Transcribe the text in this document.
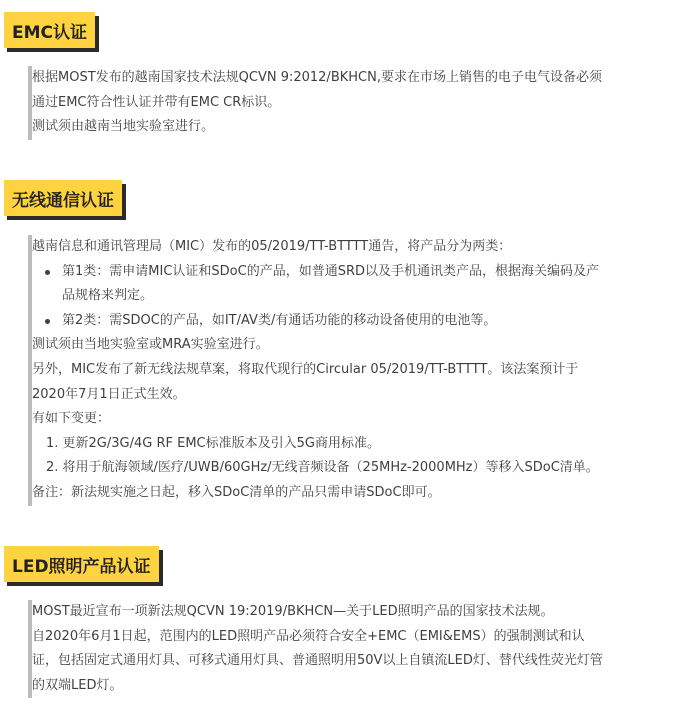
EMC认证
根据MOST发布的越南国家技术法规QCVN 9:2012/BKHCN,要求在市场上销售的电子电气设备必须
通过EMC符合性认证并带有EMC CR标识。
测试须由越南当地实验室进行。
无线通信认证
越南信息和通讯管理局（MIC）发布的05/2019/TT-BTTTT通告，将产品分为两类：
第1类：需申请MIC认证和SDoC的产品，如普通SRD以及手机通讯类产品，根据海关编码及产
品规格来判定。
第2类：需SDOC的产品，如IT/AV类/有通话功能的移动设备使用的电池等。
测试须由当地实验室或MRA实验室进行。
另外，MIC发布了新无线法规草案，将取代现行的Circular 05/2019/TT-BTTTT。该法案预计于
2020年7月1日正式生效。
有如下变更：
1. 更新2G/3G/4G RF EMC标准版本及引入5G商用标准。
2. 将用于航海领域/医疗/UWB/60GHz/无线音频设备（25MHz-2000MHz）等移入SDoC清单。
备注：新法规实施之日起，移入SDoC清单的产品只需申请SDoC即可。
LED照明产品认证
MOST最近宣布一项新法规QCVN 19:2019/BKHCN—关于LED照明产品的国家技术法规。
自2020年6月1日起，范围内的LED照明产品必须符合安全+EMC（EMI&EMS）的强制测试和认
证，包括固定式通用灯具、可移式通用灯具、普通照明用50V以上自镇流LED灯、替代线性荧光灯管
的双端LED灯。
